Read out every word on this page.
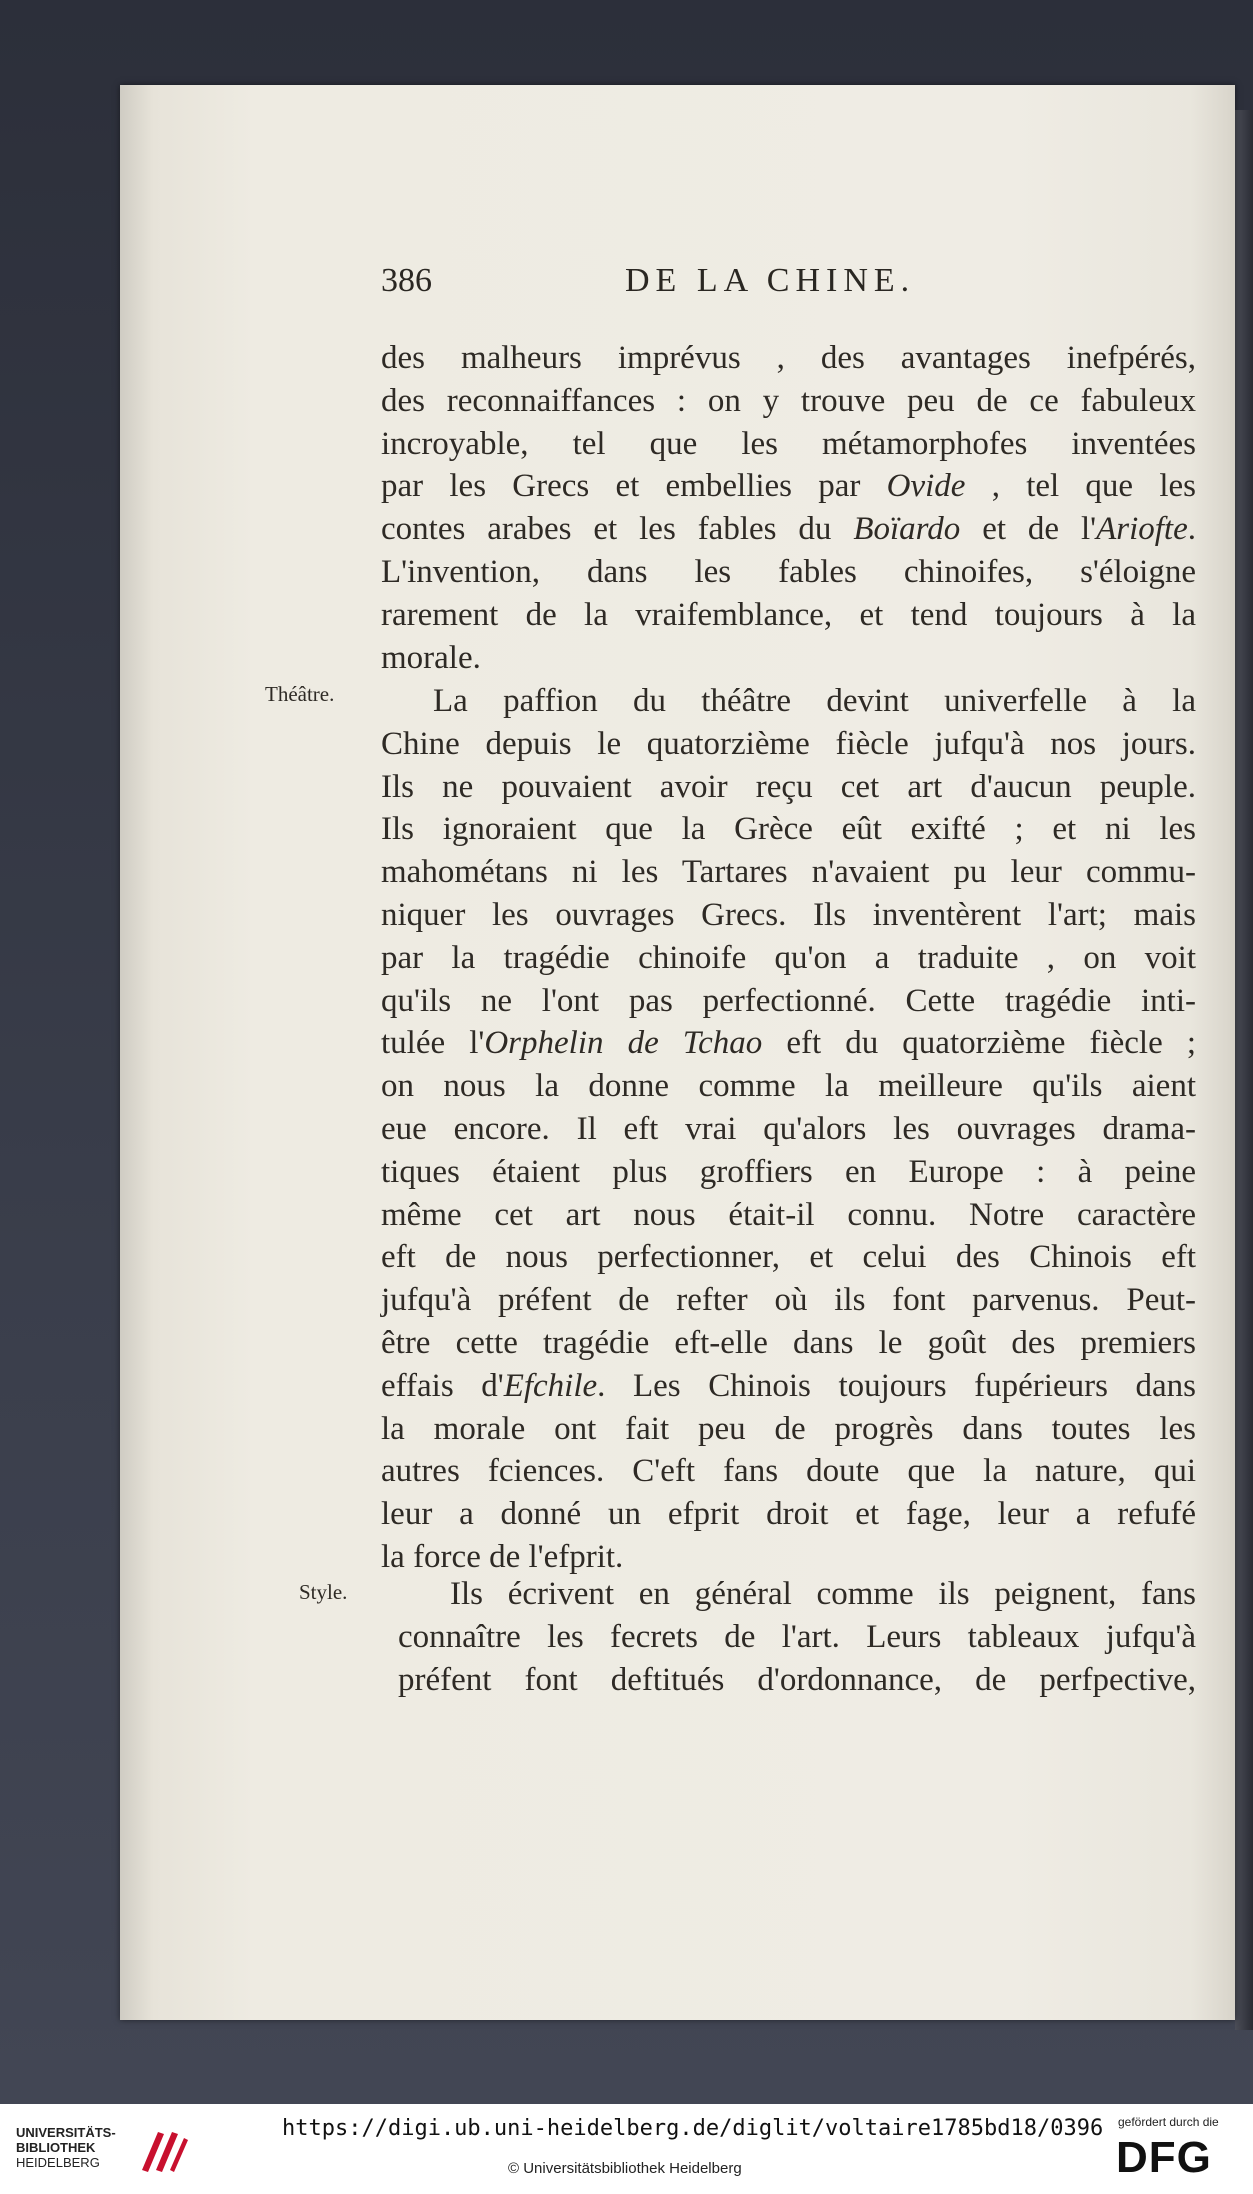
386	DE LA CHINE.
Théâtre.
Style.
des malheurs imprévus , des avantages inefpérés,
des reconnaiffances : on y trouve peu de ce fabuleux
incroyable, tel que les métamorphofes inventées
par les Grecs et embellies par Ovide , tel que les
contes arabes et les fables du Boïardo et de l'Ariofte.
L'invention, dans les fables chinoifes, s'éloigne
rarement de la vraifemblance, et tend toujours à la
morale.
La paffion du théâtre devint univerfelle à la
Chine depuis le quatorzième fiècle jufqu'à nos jours.
Ils ne pouvaient avoir reçu cet art d'aucun peuple.
Ils ignoraient que la Grèce eût exifté ; et ni les
mahométans ni les Tartares n'avaient pu leur commu-
niquer les ouvrages Grecs. Ils inventèrent l'art; mais
par la tragédie chinoife qu'on a traduite , on voit
qu'ils ne l'ont pas perfectionné. Cette tragédie inti-
tulée l'Orphelin de Tchao eft du quatorzième fiècle ;
on nous la donne comme la meilleure qu'ils aient
eue encore. Il eft vrai qu'alors les ouvrages drama-
tiques étaient plus groffiers en Europe : à peine
même cet art nous était-il connu. Notre caractère
eft de nous perfectionner, et celui des Chinois eft
jufqu'à préfent de refter où ils font parvenus. Peut-
être cette tragédie eft-elle dans le goût des premiers
effais d'Efchile. Les Chinois toujours fupérieurs dans
la morale ont fait peu de progrès dans toutes les
autres fciences. C'eft fans doute que la nature, qui
leur a donné un efprit droit et fage, leur a refufé
la force de l'efprit.
Ils écrivent en général comme ils peignent, fans
connaître les fecrets de l'art. Leurs tableaux jufqu'à
préfent font deftitués d'ordonnance, de perfpective,
UNIVERSITÄTS-
BIBLIOTHEK
HEIDELBERG
https://digi.ub.uni-heidelberg.de/diglit/voltaire1785bd18/0396
© Universitätsbibliothek Heidelberg
gefördert durch die
DFG
